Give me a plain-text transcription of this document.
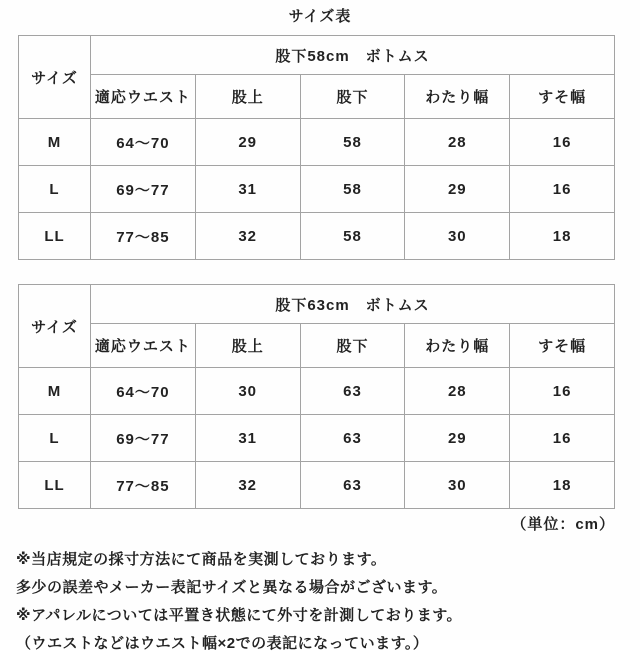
サイズ表
サイズ	股下58cm　ボトムス				
	適応ウエスト	股上	股下	わたり幅	すそ幅
M	64〜70	29	58	28	16
L	69〜77	31	58	29	16
LL	77〜85	32	58	30	18
サイズ	股下63cm　ボトムス				
	適応ウエスト	股上	股下	わたり幅	すそ幅
M	64〜70	30	63	28	16
L	69〜77	31	63	29	16
LL	77〜85	32	63	30	18
（単位：cm）
※当店規定の採寸方法にて商品を実測しております。
多少の誤差やメーカー表記サイズと異なる場合がございます。
※アパレルについては平置き状態にて外寸を計測しております。
（ウエストなどはウエスト幅×2での表記になっています。）
